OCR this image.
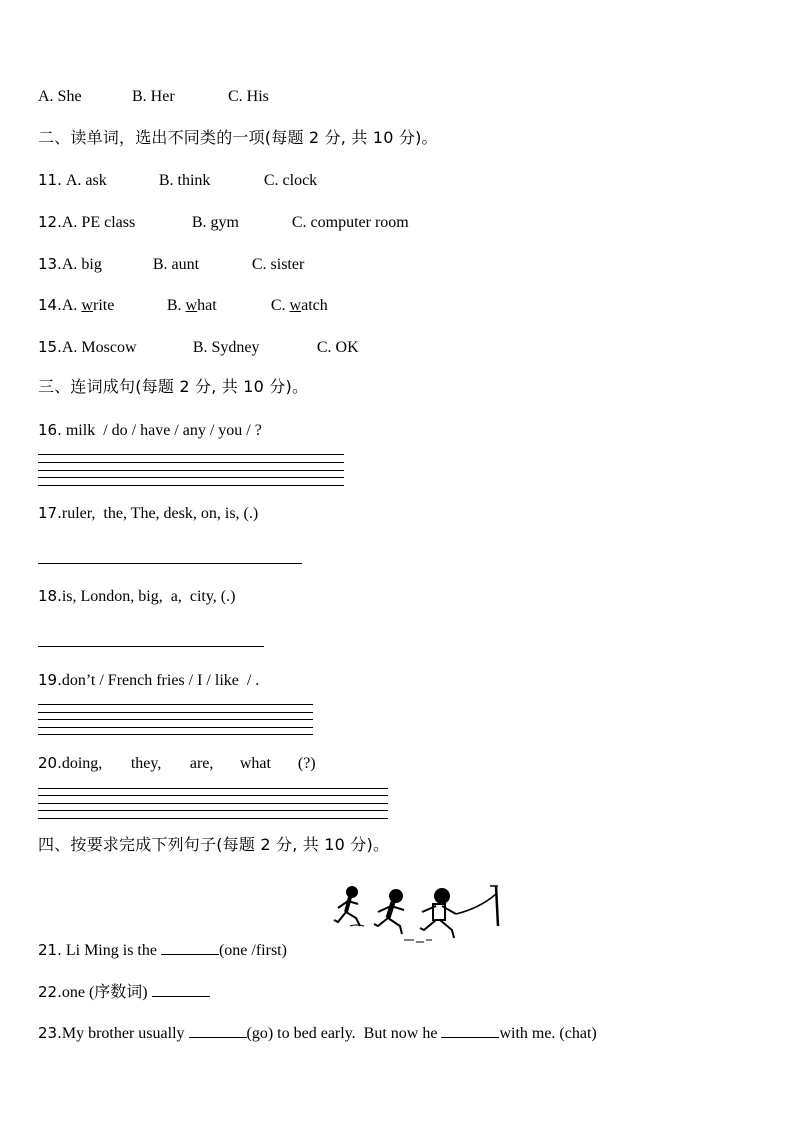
A. She	B. Her	C. His
二、读单词，选出不同类的一项(每题 2 分, 共 10 分)。
11. A. ask	B. think	C. clock
12.A. PE class	B. gym	C. computer room
13.A. big	B. aunt	C. sister
14.A. write	B. what	C. watch
15.A. Moscow	B. Sydney	C. OK
三、连词成句(每题 2 分, 共 10 分)。
16. milk  / do / have / any / you / ?
17.ruler,  the, The, desk, on, is, (.)
18.is, London, big,  a,  city, (.)
19.don’t / French fries / I / like  / .
20.doing, they, are, what (?)
四、按要求完成下列句子(每题 2 分, 共 10 分)。
21. Li Ming is the	(one /first)
22.one (序数词)
23.My brother usually	(go) to bed early.  But now he	with me. (chat)
